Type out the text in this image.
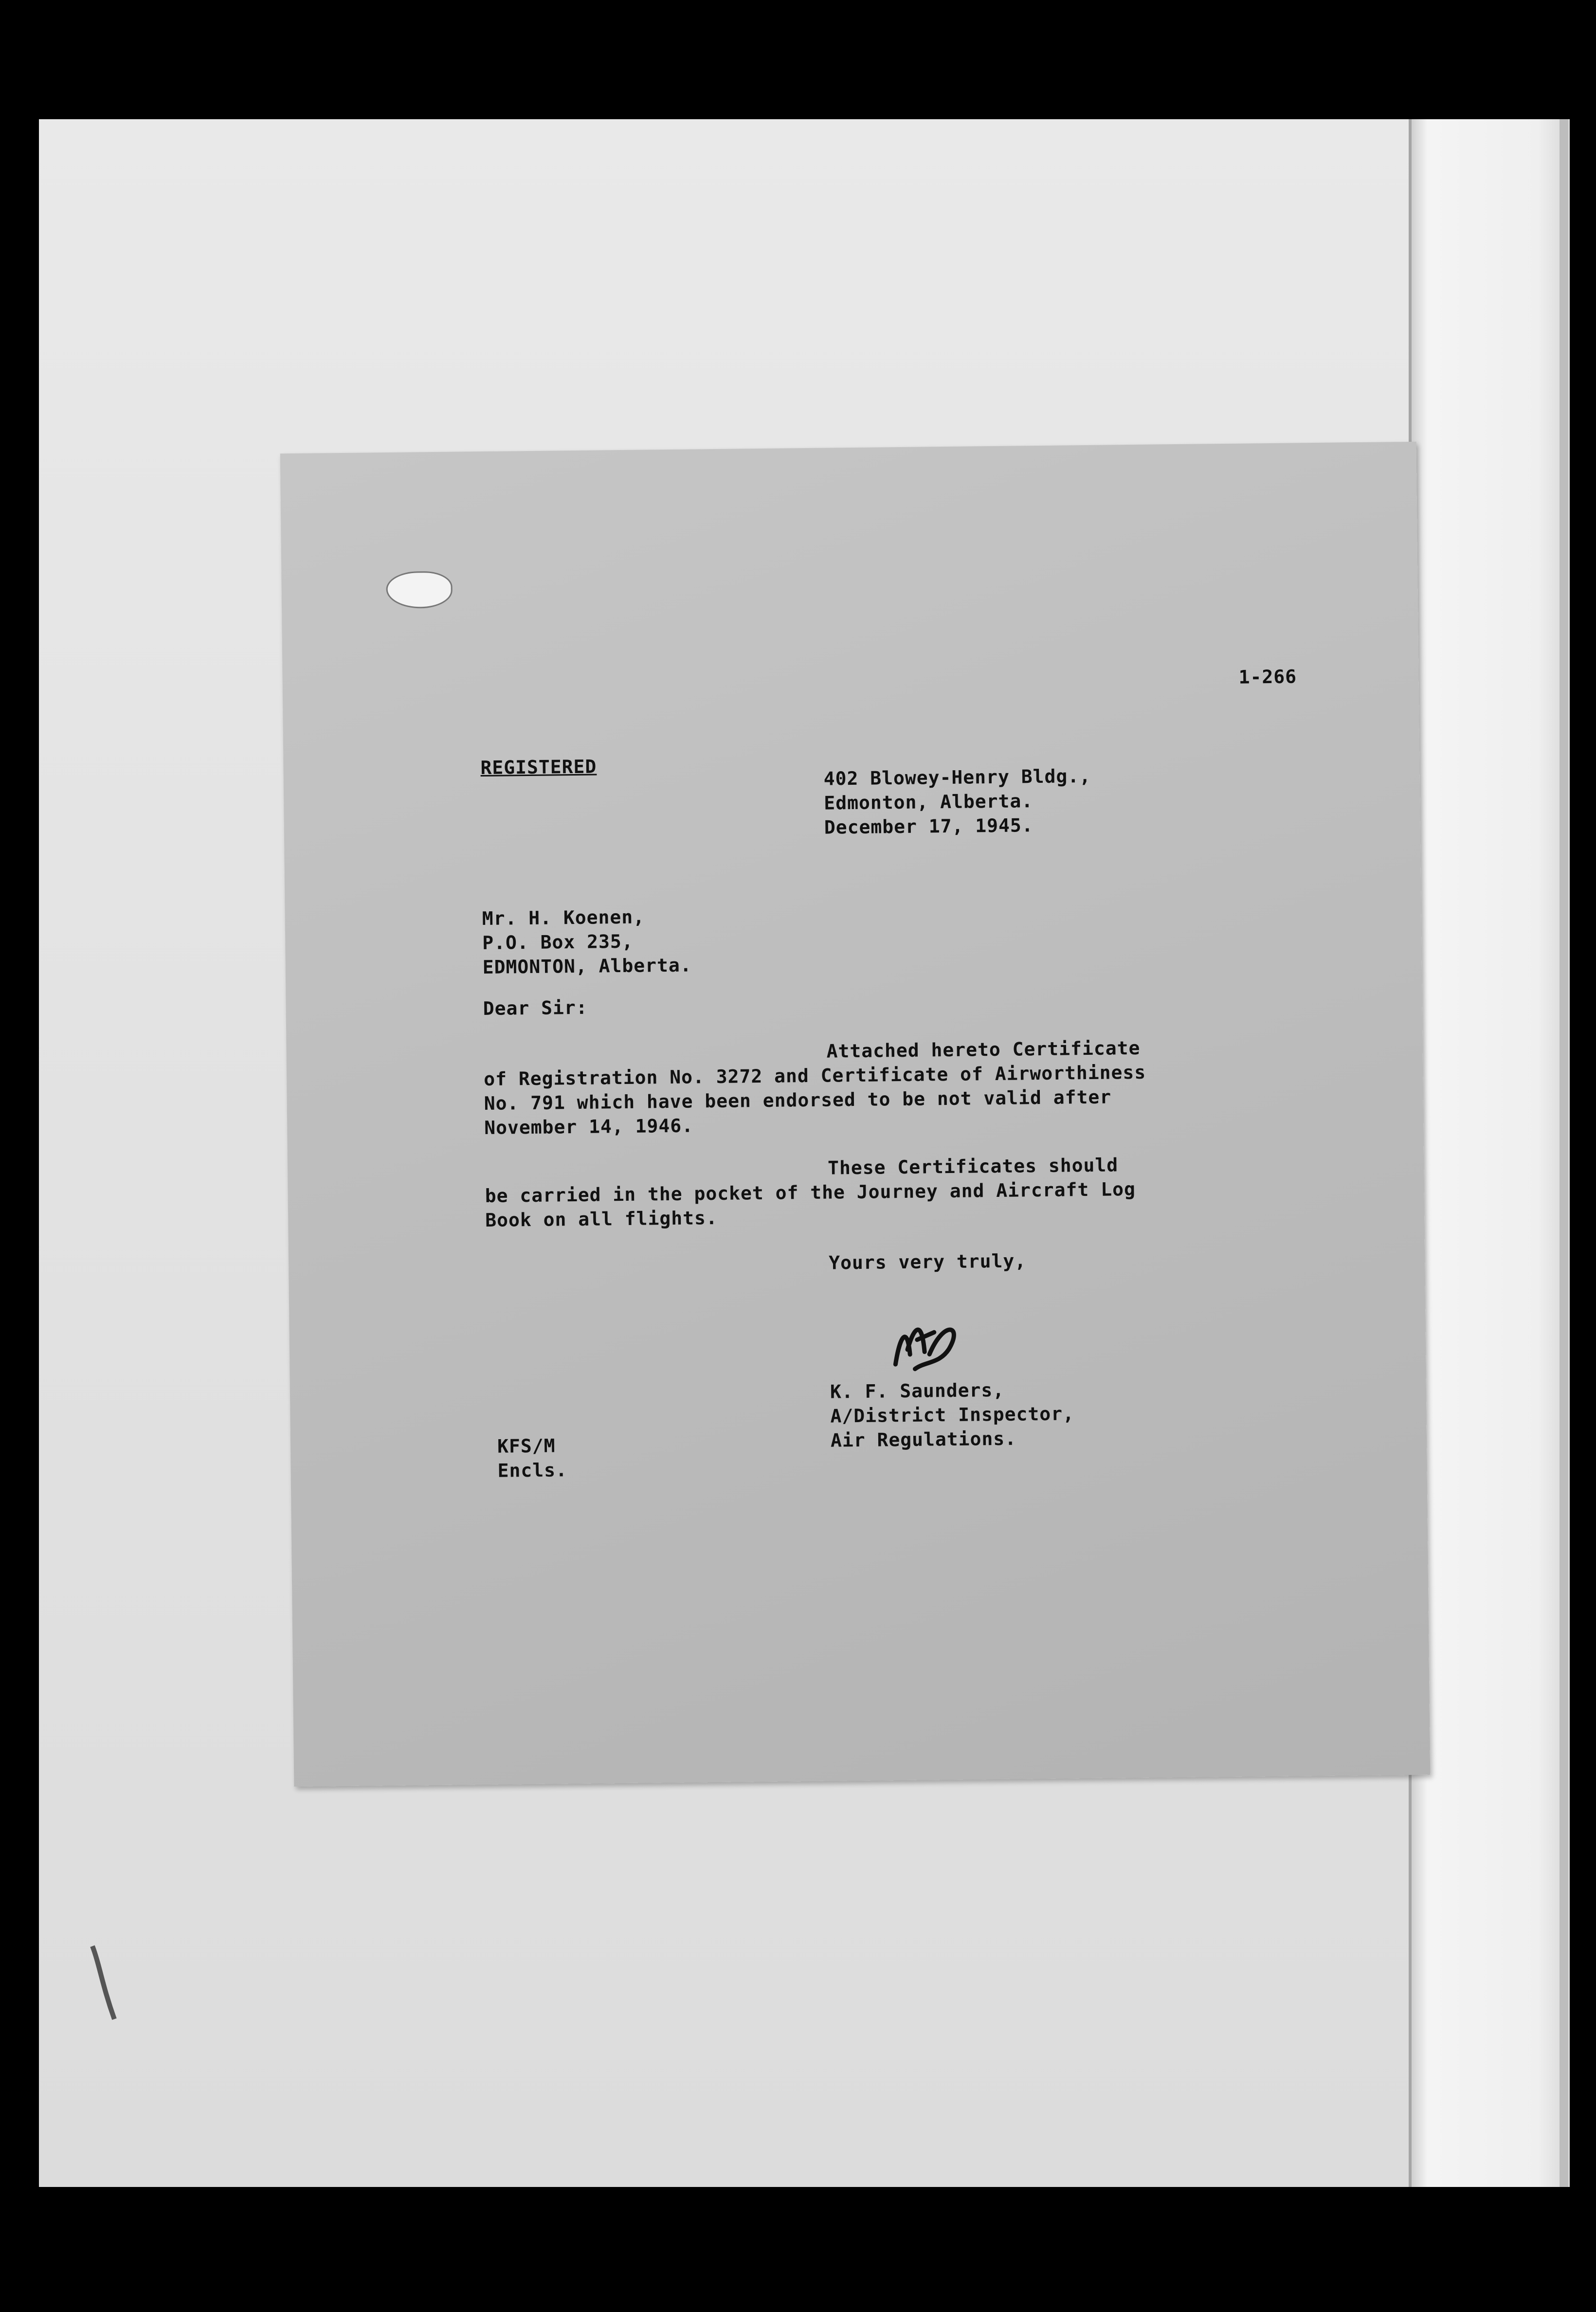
1-266
REGISTERED	402 Blowey-Henry Bldg.,
Edmonton, Alberta.
December 17, 1945.
Mr. H. Koenen,
P.O. Box 235,
EDMONTON, Alberta.
Dear Sir:
Attached hereto Certificate
of Registration No. 3272 and Certificate of Airworthiness
No. 791 which have been endorsed to be not valid after
November 14, 1946.
These Certificates should
be carried in the pocket of the Journey and Aircraft Log
Book on all flights.
Yours very truly,
K. F. Saunders,
A/District Inspector,
Air Regulations.
KFS/M
Encls.
